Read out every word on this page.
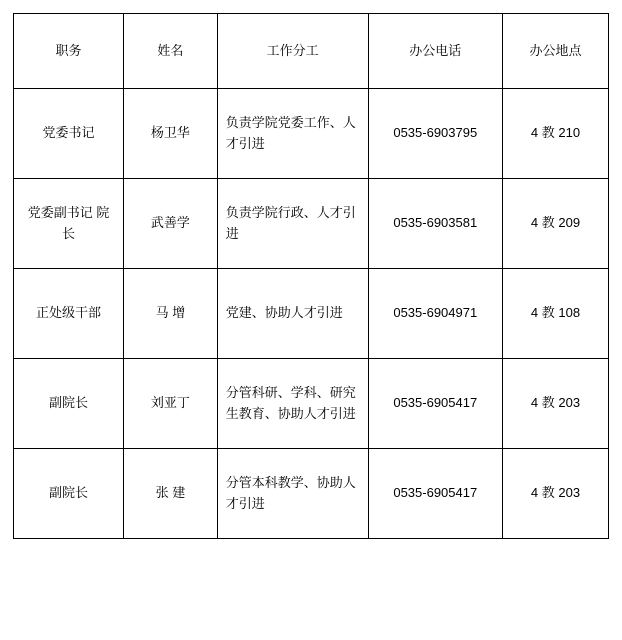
职务	姓名	工作分工	办公电话	办公地点
党委书记	杨卫华	负责学院党委工作、人才引进	0535-6903795	4 教 210
党委副书记 院长	武善学	负责学院行政、人才引进	0535-6903581	4 教 209
正处级干部	马 增	党建、协助人才引进	0535-6904971	4 教 108
副院长	刘亚丁	分管科研、学科、研究生教育、协助人才引进	0535-6905417	4 教 203
副院长	张 建	分管本科教学、协助人才引进	0535-6905417	4 教 203
